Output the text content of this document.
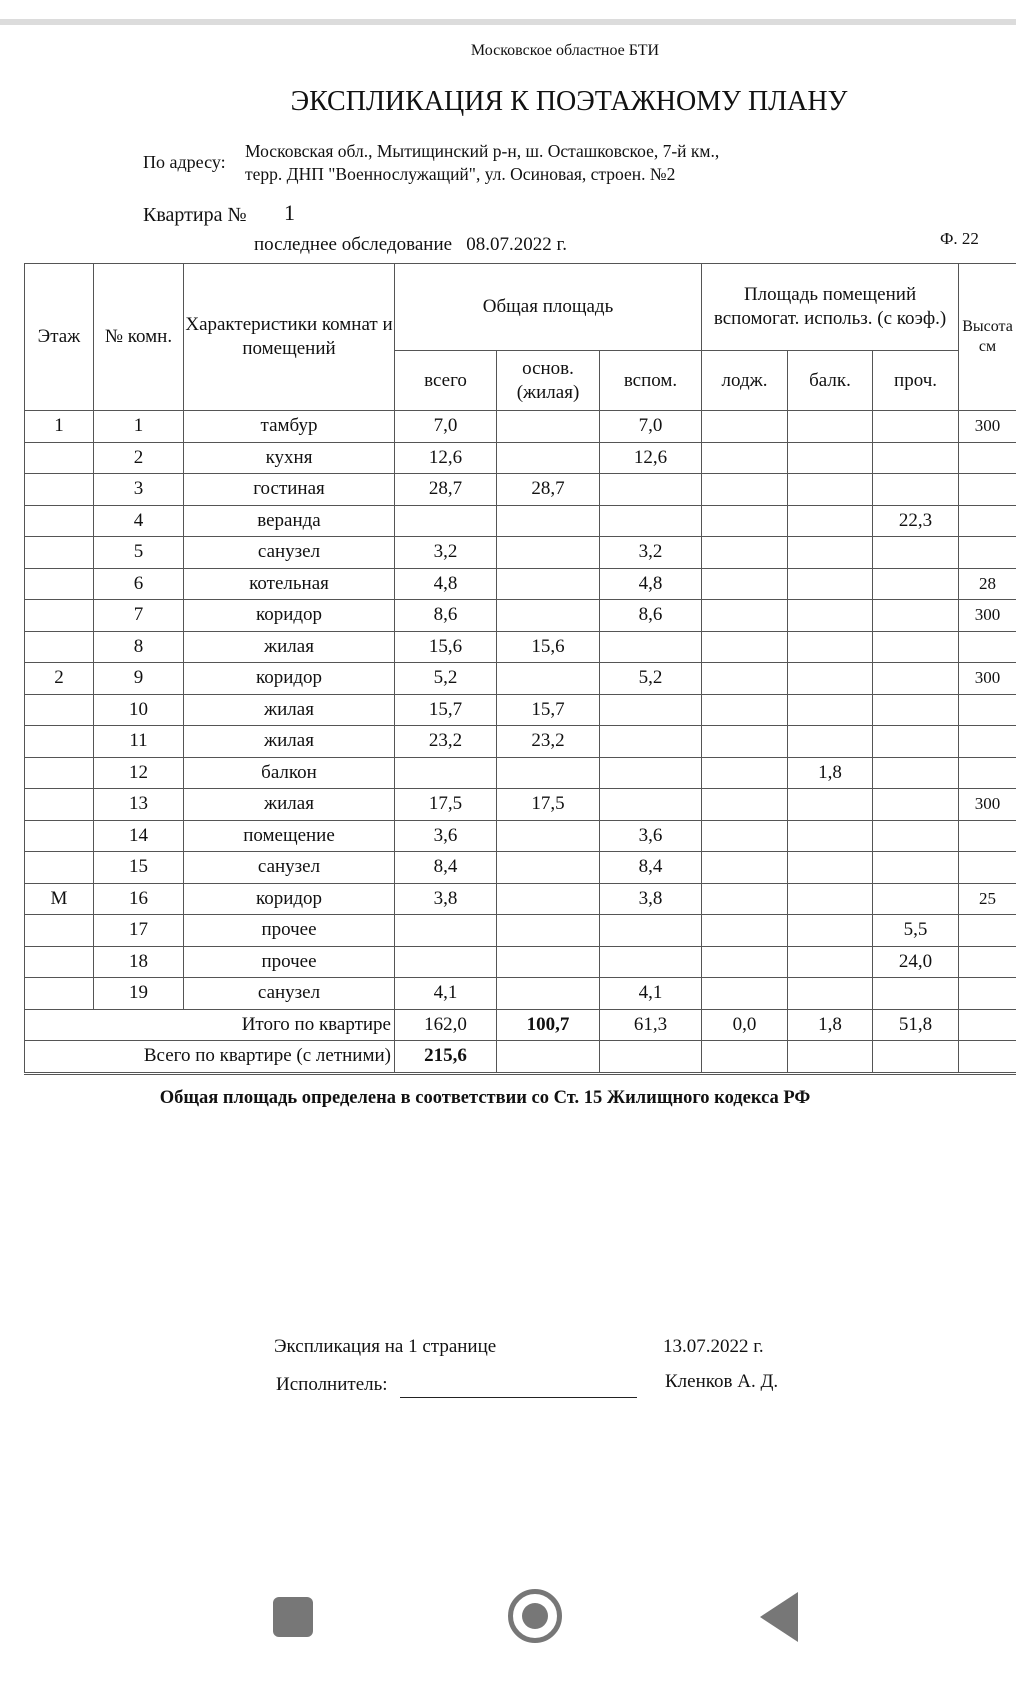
Московское областное БТИ
ЭКСПЛИКАЦИЯ К ПОЭТАЖНОМУ ПЛАНУ
По адресу:
Московская обл., Мытищинский р-н, ш. Осташковское, 7-й км.,
терр. ДНП "Военнослужащий", ул. Осиновая, строен. №2
Квартира № 1
последнее обследование   08.07.2022 г.	Ф. 22
Этаж	№ комн.	Характеристики комнат и помещений	Общая площадь			Площадь помещений вспомогат. использ. (с коэф.)			Высота см
			всего	основ. (жилая)	вспом.	лодж.	балк.	проч.	
1	1	тамбур	7,0		7,0				300
	2	кухня	12,6		12,6				
	3	гостиная	28,7	28,7					
	4	веранда						22,3	
	5	санузел	3,2		3,2				
	6	котельная	4,8		4,8				28
	7	коридор	8,6		8,6				300
	8	жилая	15,6	15,6					
2	9	коридор	5,2		5,2				300
	10	жилая	15,7	15,7					
	11	жилая	23,2	23,2					
	12	балкон					1,8		
	13	жилая	17,5	17,5					300
	14	помещение	3,6		3,6				
	15	санузел	8,4		8,4				
М	16	коридор	3,8		3,8				25
	17	прочее						5,5	
	18	прочее						24,0	
	19	санузел	4,1		4,1				
Итого по квартире			162,0	100,7	61,3	0,0	1,8	51,8	
Всего по квартире (с летними)			215,6						
Общая площадь определена в соответствии со Ст. 15 Жилищного кодекса РФ
Экспликация на 1 странице	13.07.2022 г.
Исполнитель:	Кленков А. Д.
